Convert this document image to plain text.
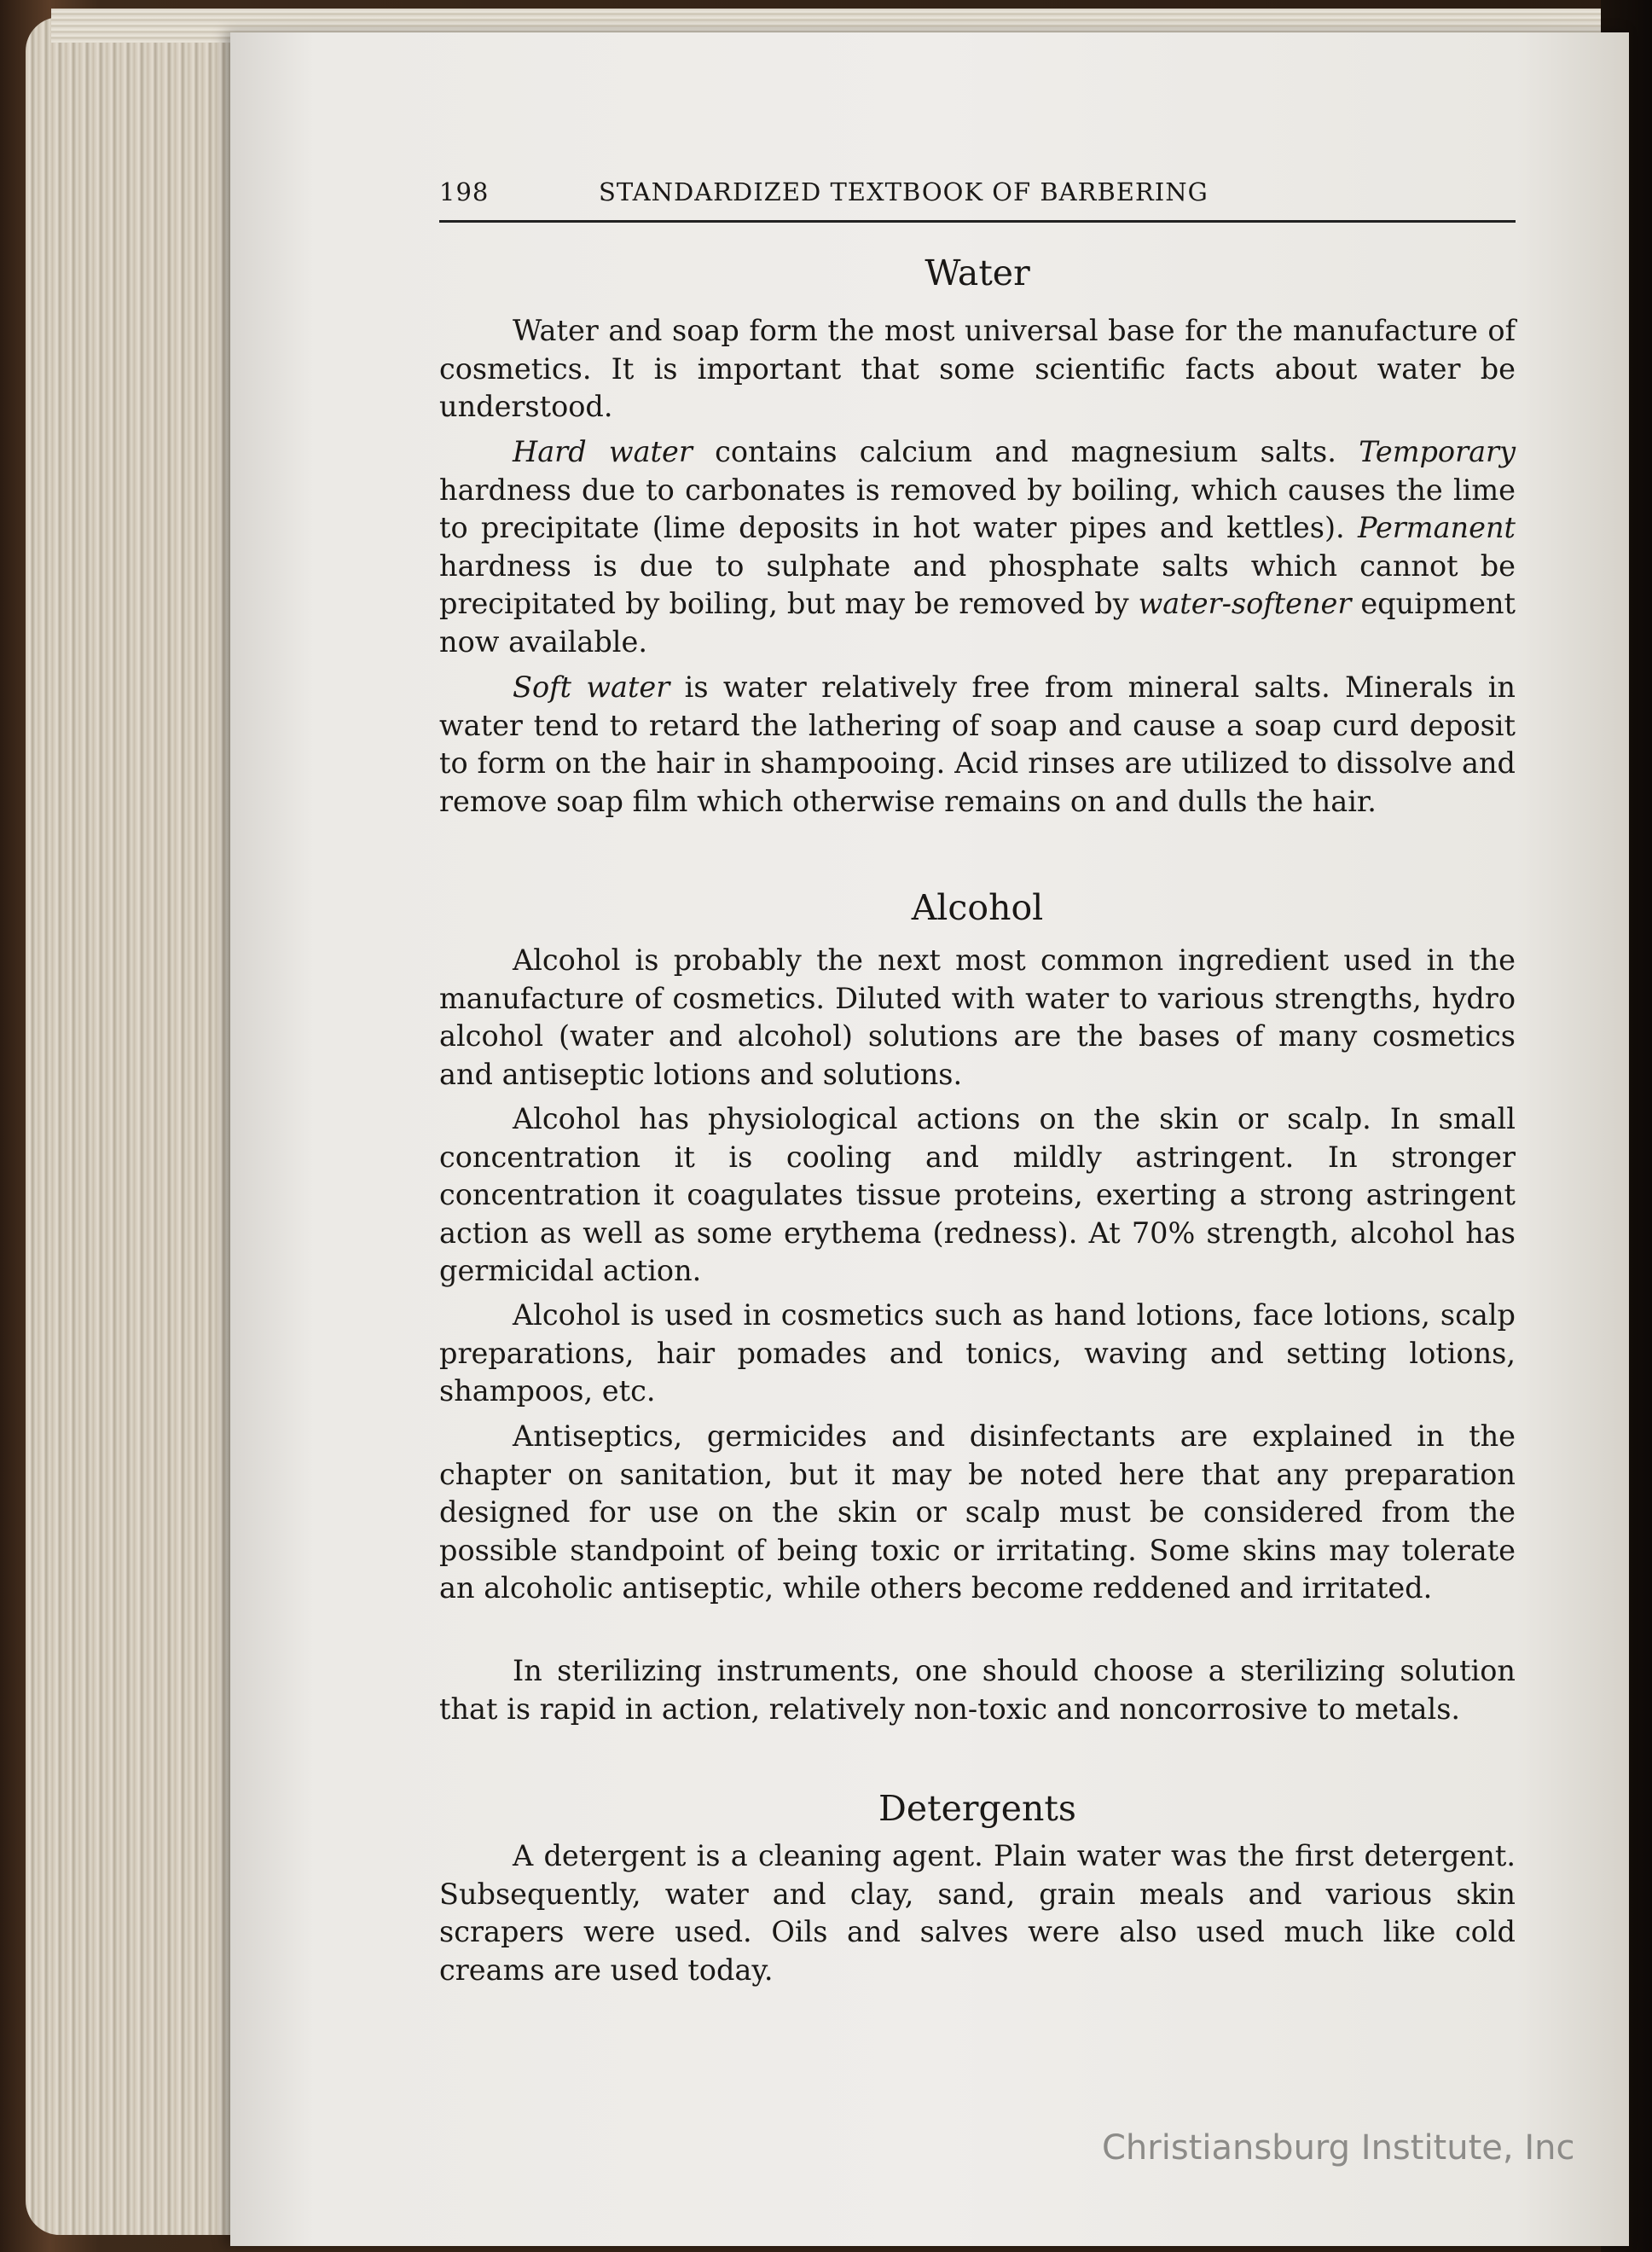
198	STANDARDIZED TEXTBOOK OF BARBERING
Water

Water and soap form the most universal base for the manufacture of cosmetics. It is important that some scientific facts about water be understood.

Hard water contains calcium and magnesium salts. Temporary hardness due to carbonates is removed by boiling, which causes the lime to precipitate (lime deposits in hot water pipes and kettles). Permanent hardness is due to sulphate and phosphate salts which cannot be precipitated by boiling, but may be removed by water-softener equipment now available.

Soft water is water relatively free from mineral salts. Minerals in water tend to retard the lathering of soap and cause a soap curd deposit to form on the hair in shampooing. Acid rinses are utilized to dissolve and remove soap film which otherwise remains on and dulls the hair.

Alcohol

Alcohol is probably the next most common ingredient used in the manufacture of cosmetics. Diluted with water to various strengths, hydro alcohol (water and alcohol) solutions are the bases of many cosmetics and antiseptic lotions and solutions.

Alcohol has physiological actions on the skin or scalp. In small concentration it is cooling and mildly astringent. In stronger concentration it coagulates tissue proteins, exerting a strong astringent action as well as some erythema (redness). At 70% strength, alcohol has germicidal action.

Alcohol is used in cosmetics such as hand lotions, face lotions, scalp preparations, hair pomades and tonics, waving and setting lotions, shampoos, etc.

Antiseptics, germicides and disinfectants are explained in the chapter on sanitation, but it may be noted here that any preparation designed for use on the skin or scalp must be considered from the possible standpoint of being toxic or irritating. Some skins may tolerate an alcoholic antiseptic, while others become reddened and irritated.

In sterilizing instruments, one should choose a sterilizing solution that is rapid in action, relatively non-toxic and noncorrosive to metals.

Detergents

A detergent is a cleaning agent. Plain water was the first detergent. Subsequently, water and clay, sand, grain meals and various skin scrapers were used. Oils and salves were also used much like cold creams are used today.

Christiansburg Institute, Inc
